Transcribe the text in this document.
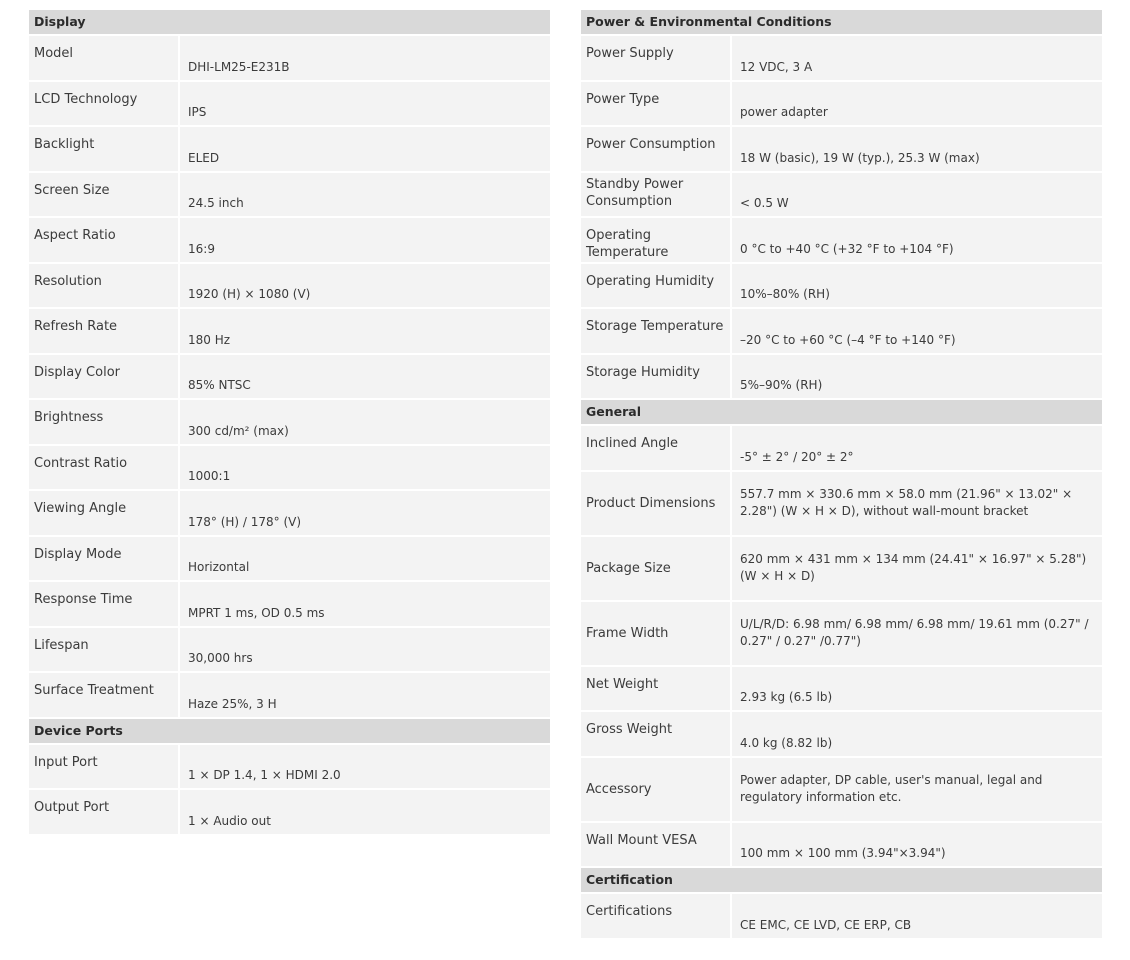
Display
Model
DHI-LM25-E231B
LCD Technology
IPS
Backlight
ELED
Screen Size
24.5 inch
Aspect Ratio
16:9
Resolution
1920 (H) × 1080 (V)
Refresh Rate
180 Hz
Display Color
85% NTSC
Brightness
300 cd/m² (max)
Contrast Ratio
1000:1
Viewing Angle
178° (H) / 178° (V)
Display Mode
Horizontal
Response Time
MPRT 1 ms, OD 0.5 ms
Lifespan
30,000 hrs
Surface Treatment
Haze 25%, 3 H
Device Ports
Input Port
1 × DP 1.4, 1 × HDMI 2.0
Output Port
1 × Audio out
Power & Environmental Conditions
Power Supply
12 VDC, 3 A
Power Type
power adapter
Power Consumption
18 W (basic), 19 W (typ.), 25.3 W (max)
Standby Power Consumption	< 0.5 W
Operating Temperature	0 °C to +40 °C (+32 °F to +104 °F)
Operating Humidity
10%–80% (RH)
Storage Temperature
–20 °C to +60 °C (–4 °F to +140 °F)
Storage Humidity
5%–90% (RH)
General
Inclined Angle
-5° ± 2° / 20° ± 2°
Product Dimensions
557.7 mm × 330.6 mm × 58.0 mm (21.96" × 13.02" × 2.28") (W × H × D), without wall-mount bracket
Package Size
620 mm × 431 mm × 134 mm (24.41" × 16.97" × 5.28") (W × H × D)
Frame Width
U/L/R/D: 6.98 mm/ 6.98 mm/ 6.98 mm/ 19.61 mm (0.27" / 0.27" / 0.27" /0.77")
Net Weight
2.93 kg (6.5 lb)
Gross Weight
4.0 kg (8.82 lb)
Accessory
Power adapter, DP cable, user's manual, legal and regulatory information etc.
Wall Mount VESA
100 mm × 100 mm (3.94"×3.94")
Certification
Certifications
CE EMC, CE LVD, CE ERP, CB
